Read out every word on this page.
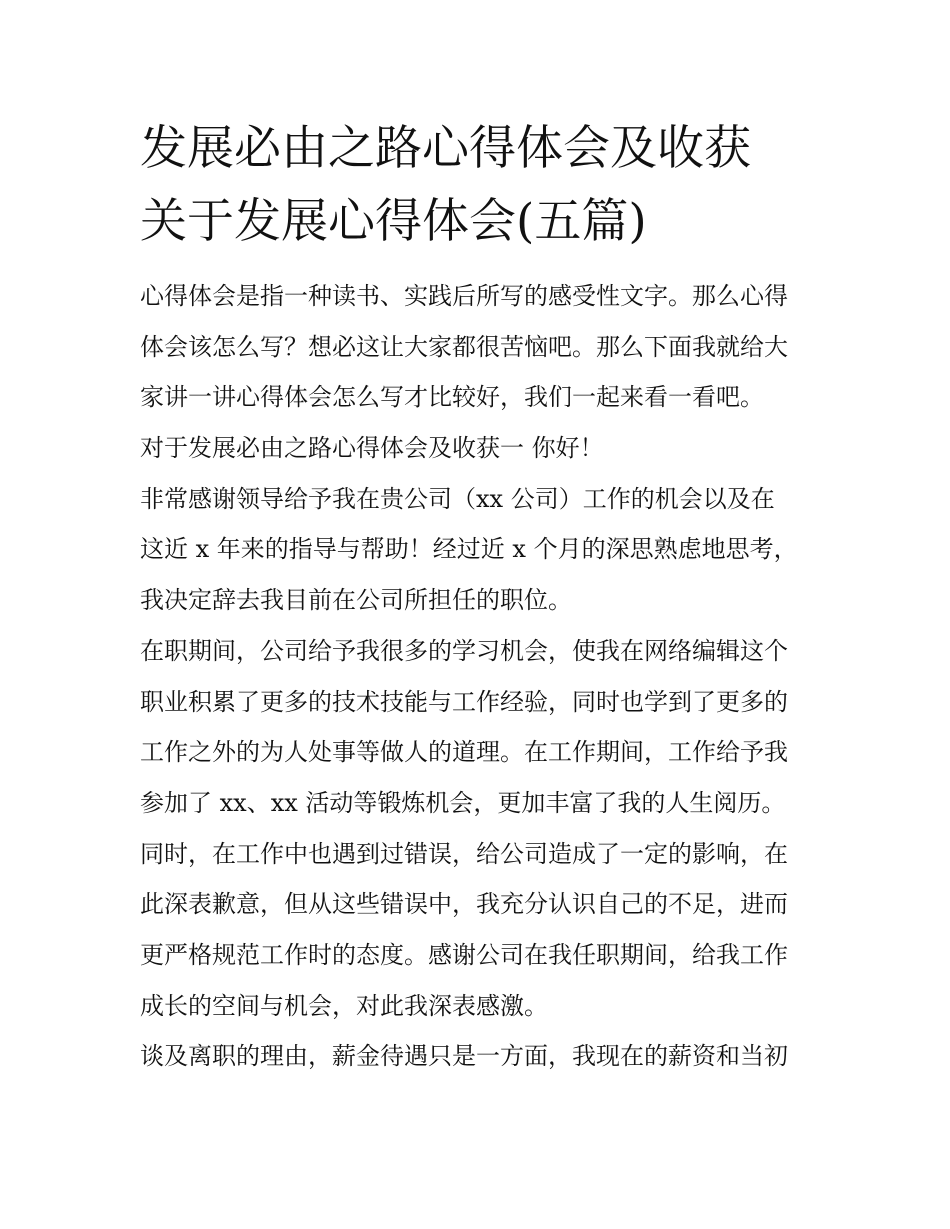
发展必由之路心得体会及收获
关于发展心得体会(五篇)
心得体会是指一种读书、实践后所写的感受性文字。那么心得
体会该怎么写？想必这让大家都很苦恼吧。那么下面我就给大
家讲一讲心得体会怎么写才比较好，我们一起来看一看吧。
对于发展必由之路心得体会及收获一 你好！
非常感谢领导给予我在贵公司（xx 公司）工作的机会以及在
这近 x 年来的指导与帮助！经过近 x 个月的深思熟虑地思考，
我决定辞去我目前在公司所担任的职位。
在职期间，公司给予我很多的学习机会，使我在网络编辑这个
职业积累了更多的技术技能与工作经验，同时也学到了更多的
工作之外的为人处事等做人的道理。在工作期间，工作给予我
参加了 xx、xx 活动等锻炼机会，更加丰富了我的人生阅历。
同时，在工作中也遇到过错误，给公司造成了一定的影响，在
此深表歉意，但从这些错误中，我充分认识自己的不足，进而
更严格规范工作时的态度。感谢公司在我任职期间，给我工作
成长的空间与机会，对此我深表感激。
谈及离职的理由，薪金待遇只是一方面，我现在的薪资和当初
